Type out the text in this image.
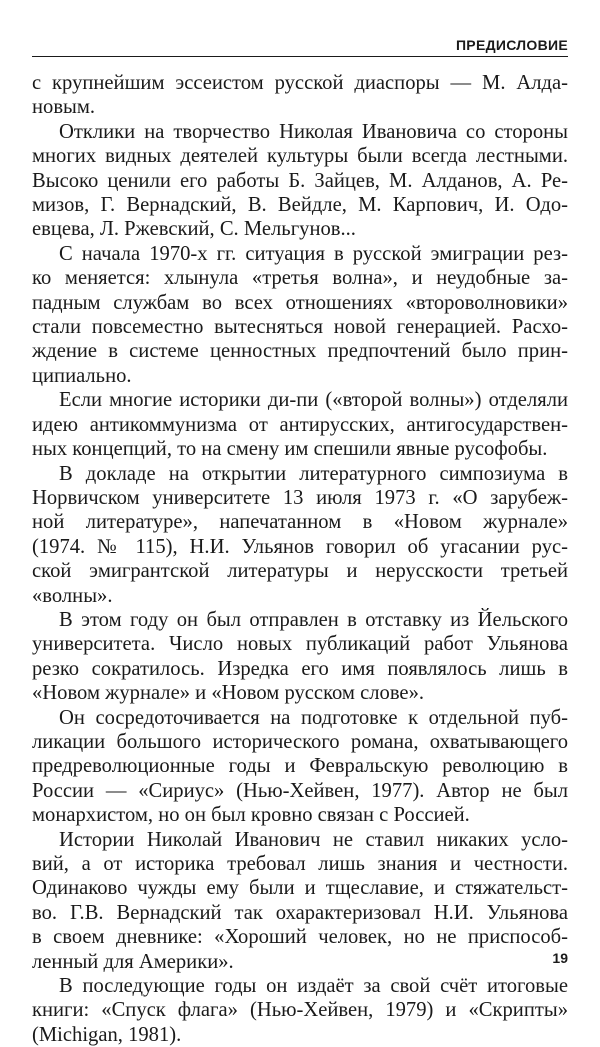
ПРЕДИСЛОВИЕ

с крупнейшим эссеистом русской диаспоры — М. Алда-
новым.

Отклики на творчество Николая Ивановича со стороны
многих видных деятелей культуры были всегда лестными.
Высоко ценили его работы Б. Зайцев, М. Алданов, А. Ре-
мизов, Г. Вернадский, В. Вейдле, М. Карпович, И. Одо-
евцева, Л. Ржевский, С. Мельгунов...

С начала 1970-х гг. ситуация в русской эмиграции рез-
ко меняется: хлынула «третья волна», и неудобные за-
падным службам во всех отношениях «второволновики»
стали повсеместно вытесняться новой генерацией. Расхо-
ждение в системе ценностных предпочтений было прин-
ципиально.

Если многие историки ди-пи («второй волны») отделяли
идею антикоммунизма от антирусских, антигосударствен-
ных концепций, то на смену им спешили явные русофобы.

В докладе на открытии литературного симпозиума в
Норвичском университете 13 июля 1973 г. «О зарубеж-
ной литературе», напечатанном в «Новом журнале»
(1974. № 115), Н.И. Ульянов говорил об угасании рус-
ской эмигрантской литературы и нерусскости третьей
«волны».

В этом году он был отправлен в отставку из Йельского
университета. Число новых публикаций работ Ульянова
резко сократилось. Изредка его имя появлялось лишь в
«Новом журнале» и «Новом русском слове».

Он сосредоточивается на подготовке к отдельной пуб-
ликации большого исторического романа, охватывающего
предреволюционные годы и Февральскую революцию в
России — «Сириус» (Нью-Хейвен, 1977). Автор не был
монархистом, но он был кровно связан с Россией.

Истории Николай Иванович не ставил никаких усло-
вий, а от историка требовал лишь знания и честности.
Одинаково чужды ему были и тщеславие, и стяжательст-
во. Г.В. Вернадский так охарактеризовал Н.И. Ульянова
в своем дневнике: «Хороший человек, но не приспособ-
ленный для Америки».

В последующие годы он издаёт за свой счёт итоговые
книги: «Спуск флага» (Нью-Хейвен, 1979) и «Скрипты»
(Michigan, 1981).

19
